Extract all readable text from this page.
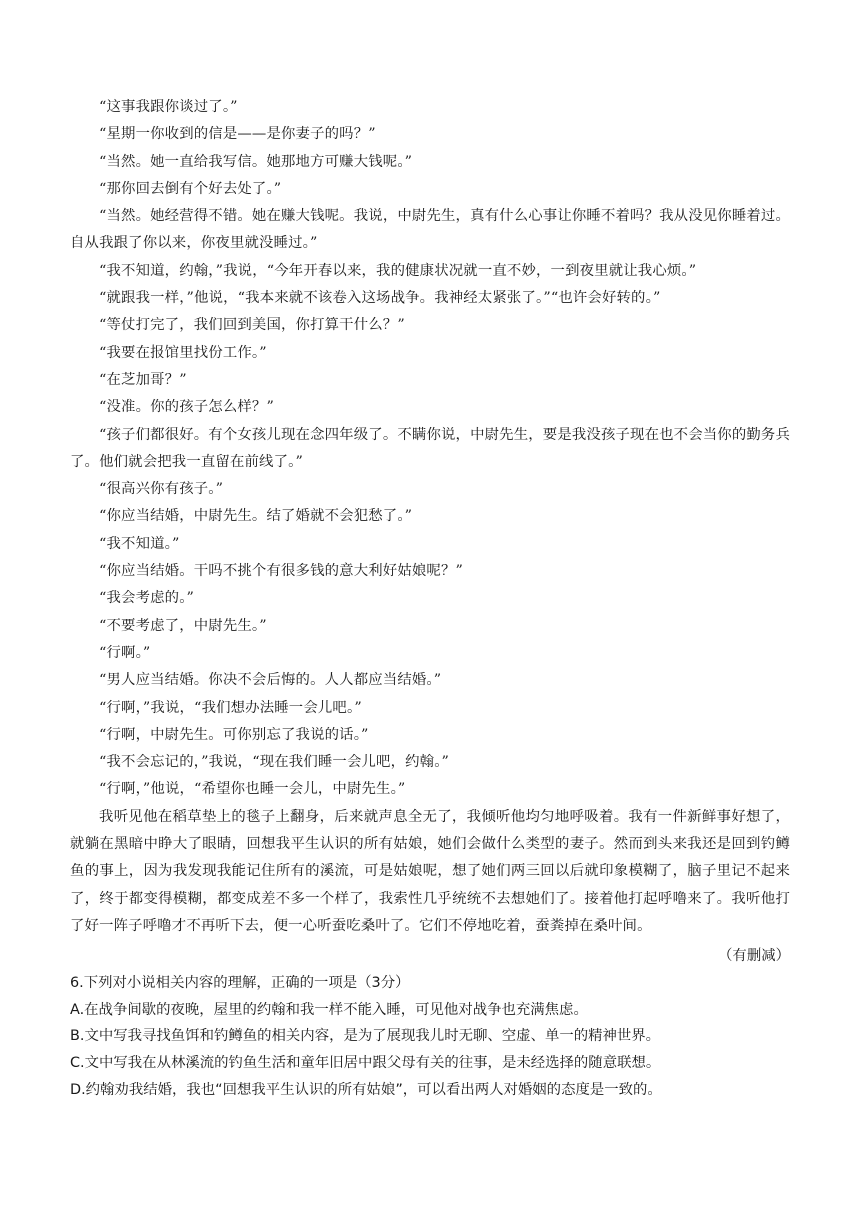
“这事我跟你谈过了。”

“星期一你收到的信是——是你妻子的吗？”

“当然。她一直给我写信。她那地方可赚大钱呢。”

“那你回去倒有个好去处了。”

“当然。她经营得不错。她在赚大钱呢。我说，中尉先生，真有什么心事让你睡不着吗？我从没见你睡着过。自从我跟了你以来，你夜里就没睡过。”

“我不知道，约翰，”我说，“今年开春以来，我的健康状况就一直不妙，一到夜里就让我心烦。”

“就跟我一样，”他说，“我本来就不该卷入这场战争。我神经太紧张了。”“也许会好转的。”

“等仗打完了，我们回到美国，你打算干什么？”

“我要在报馆里找份工作。”

“在芝加哥？”

“没准。你的孩子怎么样？”

“孩子们都很好。有个女孩儿现在念四年级了。不瞒你说，中尉先生，要是我没孩子现在也不会当你的勤务兵了。他们就会把我一直留在前线了。”

“很高兴你有孩子。”

“你应当结婚，中尉先生。结了婚就不会犯愁了。”

“我不知道。”

“你应当结婚。干吗不挑个有很多钱的意大利好姑娘呢？”

“我会考虑的。”

“不要考虑了，中尉先生。”

“行啊。”

“男人应当结婚。你决不会后悔的。人人都应当结婚。”

“行啊，”我说，“我们想办法睡一会儿吧。”

“行啊，中尉先生。可你别忘了我说的话。”

“我不会忘记的，”我说，“现在我们睡一会儿吧，约翰。”

“行啊，”他说，“希望你也睡一会儿，中尉先生。”

我听见他在稻草垫上的毯子上翻身，后来就声息全无了，我倾听他均匀地呼吸着。我有一件新鲜事好想了，就躺在黑暗中睁大了眼睛，回想我平生认识的所有姑娘，她们会做什么类型的妻子。然而到头来我还是回到钓鳟鱼的事上，因为我发现我能记住所有的溪流，可是姑娘呢，想了她们两三回以后就印象模糊了，脑子里记不起来了，终于都变得模糊，都变成差不多一个样了，我索性几乎统统不去想她们了。接着他打起呼噜来了。我听他打了好一阵子呼噜才不再听下去，便一心听蚕吃桑叶了。它们不停地吃着，蚕粪掉在桑叶间。

（有删减）

6.下列对小说相关内容的理解，正确的一项是（3分）

A.在战争间歇的夜晚，屋里的约翰和我一样不能入睡，可见他对战争也充满焦虑。

B.文中写我寻找鱼饵和钓鳟鱼的相关内容，是为了展现我儿时无聊、空虚、单一的精神世界。

C.文中写我在从林溪流的钓鱼生活和童年旧居中跟父母有关的往事，是未经选择的随意联想。

D.约翰劝我结婚，我也“回想我平生认识的所有姑娘”，可以看出两人对婚姻的态度是一致的。
